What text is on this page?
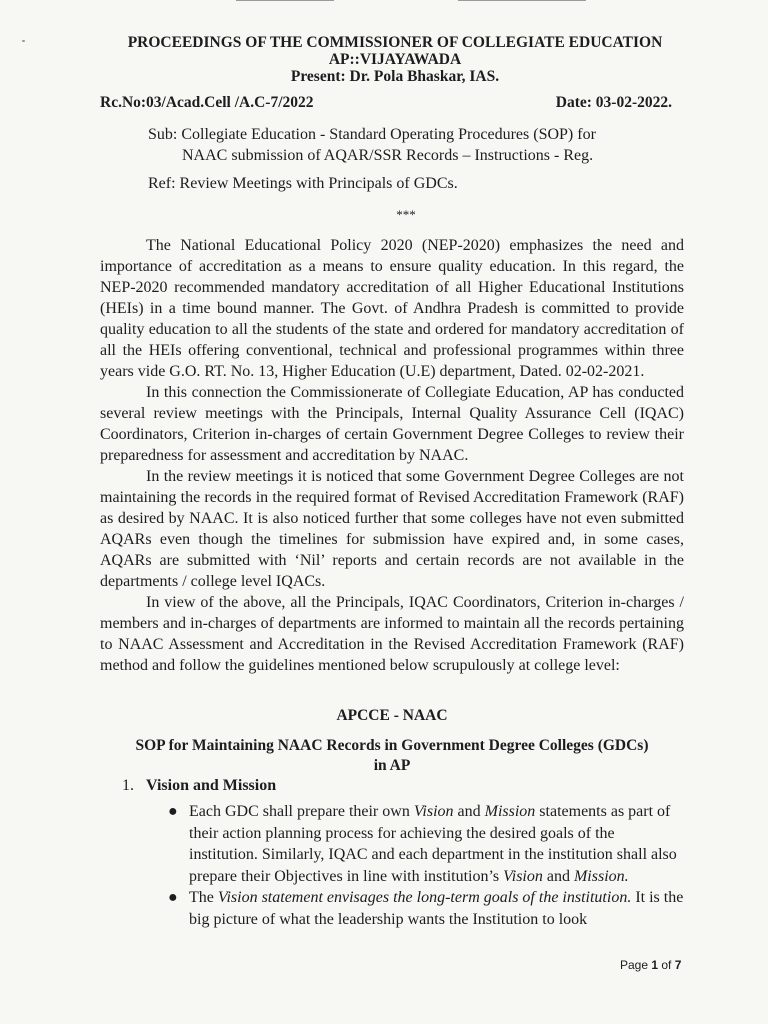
PROCEEDINGS OF THE COMMISSIONER OF COLLEGIATE EDUCATION
AP::VIJAYAWADA
Present: Dr. Pola Bhaskar, IAS.
Rc.No:03/Acad.Cell /A.C-7/2022	Date: 03-02-2022.
Sub: Collegiate Education - Standard Operating Procedures (SOP) for
NAAC submission of AQAR/SSR Records – Instructions - Reg.
Ref: Review Meetings with Principals of GDCs.
***

The National Educational Policy 2020 (NEP-2020) emphasizes the need and importance of accreditation as a means to ensure quality education. In this regard, the NEP-2020 recommended mandatory accreditation of all Higher Educational Institutions (HEIs) in a time bound manner. The Govt. of Andhra Pradesh is committed to provide quality education to all the students of the state and ordered for mandatory accreditation of all the HEIs offering conventional, technical and professional programmes within three years vide G.O. RT. No. 13, Higher Education (U.E) department, Dated. 02-02-2021.

In this connection the Commissionerate of Collegiate Education, AP has conducted several review meetings with the Principals, Internal Quality Assurance Cell (IQAC) Coordinators, Criterion in-charges of certain Government Degree Colleges to review their preparedness for assessment and accreditation by NAAC.

In the review meetings it is noticed that some Government Degree Colleges are not maintaining the records in the required format of Revised Accreditation Framework (RAF) as desired by NAAC. It is also noticed further that some colleges have not even submitted AQARs even though the timelines for submission have expired and, in some cases, AQARs are submitted with ‘Nil’ reports and certain records are not available in the departments / college level IQACs.

In view of the above, all the Principals, IQAC Coordinators, Criterion in-charges / members and in-charges of departments are informed to maintain all the records pertaining to NAAC Assessment and Accreditation in the Revised Accreditation Framework (RAF) method and follow the guidelines mentioned below scrupulously at college level:

APCCE - NAAC
SOP for Maintaining NAAC Records in Government Degree Colleges (GDCs)
in AP
1. Vision and Mission
● Each GDC shall prepare their own Vision and Mission statements as part of their action planning process for achieving the desired goals of the institution. Similarly, IQAC and each department in the institution shall also prepare their Objectives in line with institution’s Vision and Mission.
● The Vision statement envisages the long-term goals of the institution. It is the big picture of what the leadership wants the Institution to look
Page 1 of 7
